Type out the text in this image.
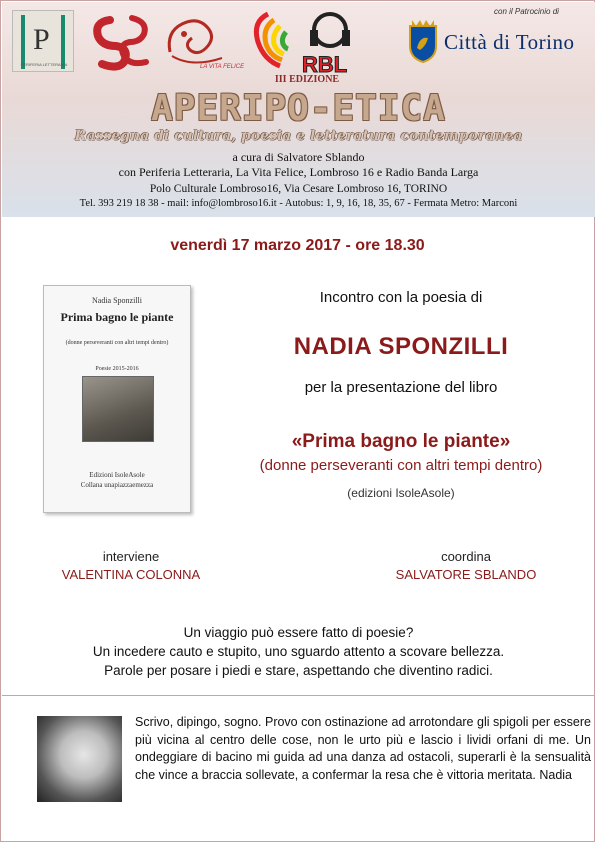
P
PERIFERIA LETTERARIA	LA VITA FELICE	RBL
III EDIZIONE
con il Patrocinio di
Città di Torino
APERIPO-ETICA
Rassegna di cultura, poesia e letteratura contemporanea
a cura di Salvatore Sblando
con Periferia Letteraria, La Vita Felice, Lombroso 16 e Radio Banda Larga
Polo Culturale Lombroso16, Via Cesare Lombroso 16, TORINO
Tel. 393 219 18 38 - mail: info@lombroso16.it - Autobus: 1, 9, 16, 18, 35, 67 - Fermata Metro: Marconi
venerdì 17 marzo 2017 - ore 18.30
Nadia Sponzilli
Prima bagno le piante
(donne perseveranti con altri tempi dentro)
Poesie 2015-2016
Edizioni IsoleAsole
Collana unapiazzaemezza
Incontro con la poesia di
NADIA SPONZILLI
per la presentazione del libro
«Prima bagno le piante»
(donne perseveranti con altri tempi dentro)
(edizioni IsoleAsole)
interviene
VALENTINA COLONNA
coordina
SALVATORE SBLANDO
Un viaggio può essere fatto di poesie?
Un incedere cauto e stupito, uno sguardo attento a scovare bellezza.
Parole per posare i piedi e stare, aspettando che diventino radici.
Scrivo, dipingo, sogno. Provo con ostinazione ad arrotondare gli spigoli per essere più vicina al centro delle cose, non le urto più e lascio i lividi orfani di me. Un ondeggiare di bacino mi guida ad una danza ad ostacoli, superarli è la sensualità che vince a braccia sollevate, a confermar la resa che è vittoria meritata. Nadia
